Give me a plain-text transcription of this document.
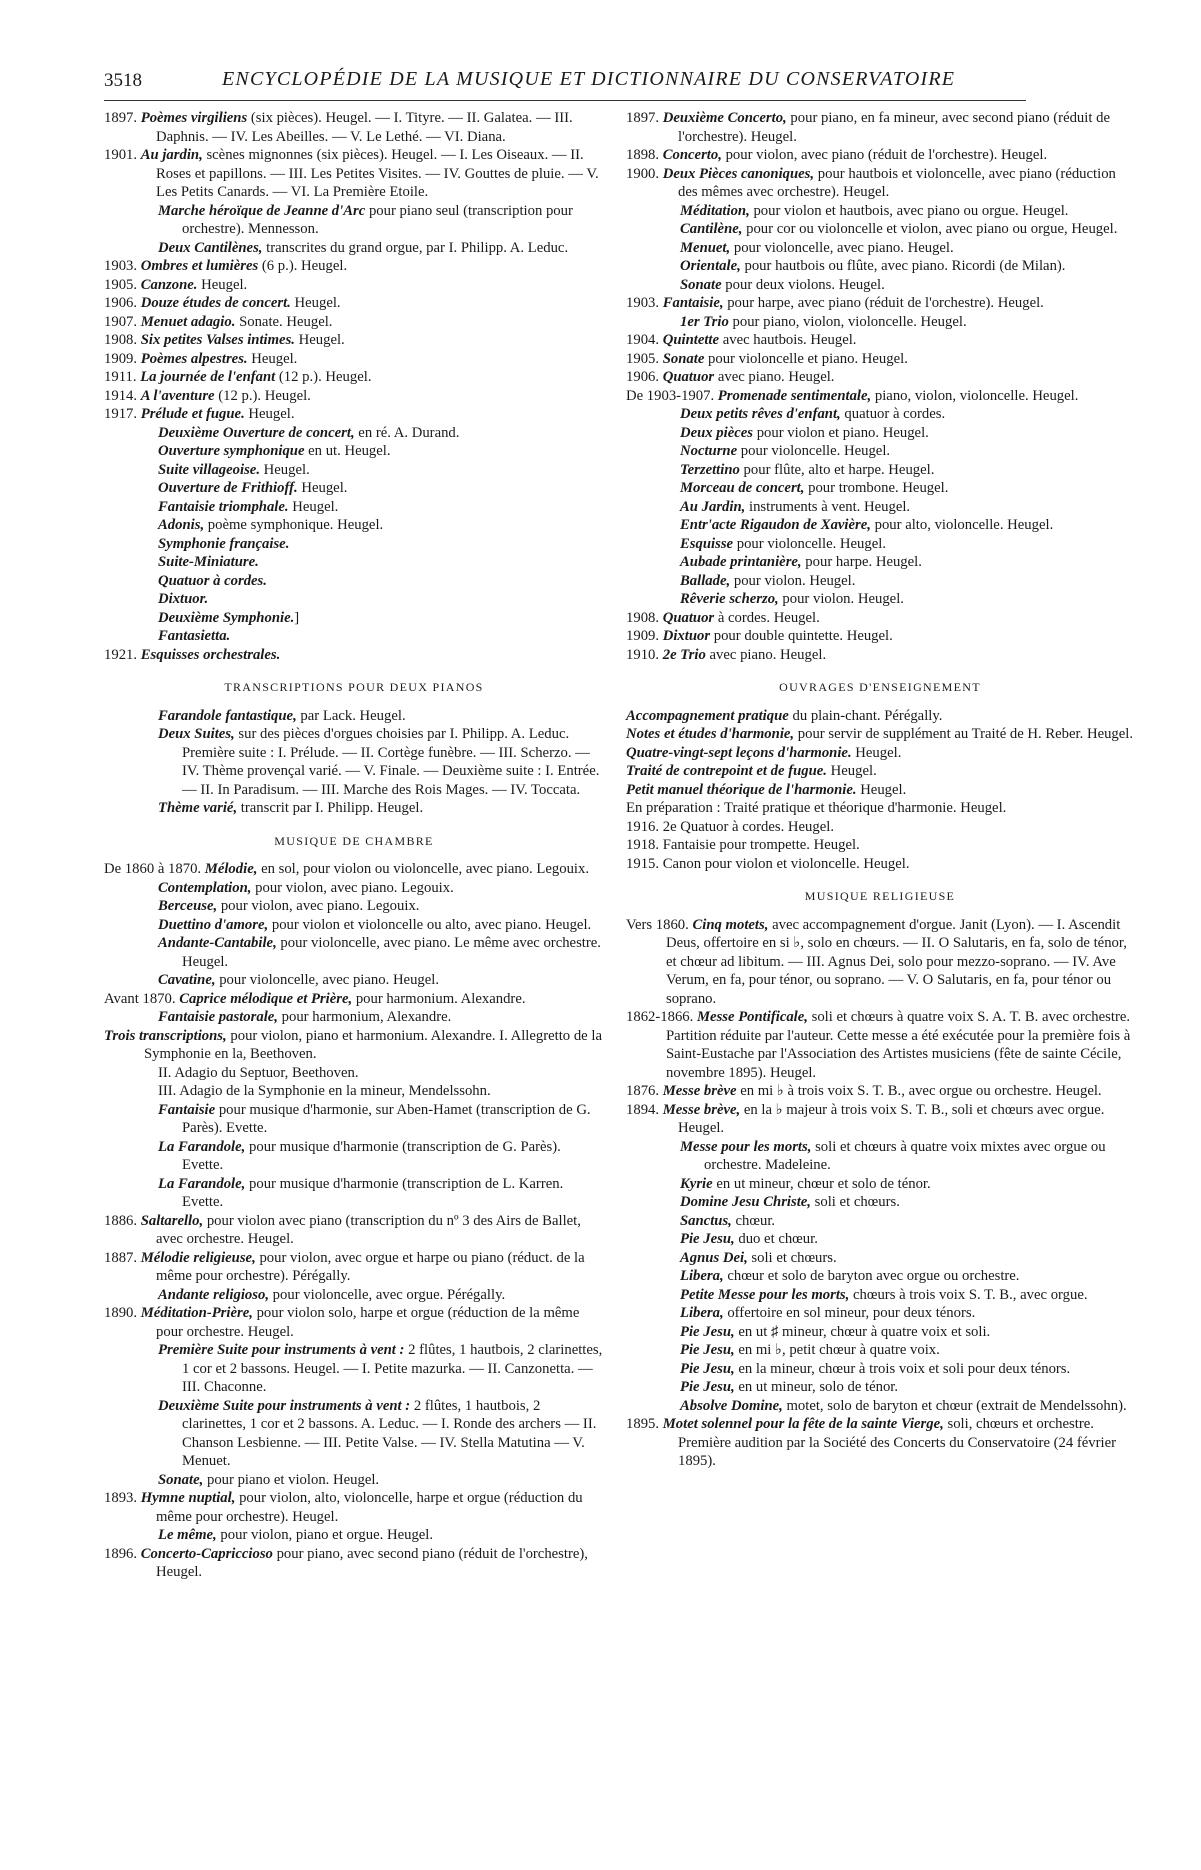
3518	ENCYCLOPÉDIE DE LA MUSIQUE ET DICTIONNAIRE DU CONSERVATOIRE

1897. Poèmes virgiliens (six pièces). Heugel. — I. Tityre. — II. Galatea. — III. Daphnis. — IV. Les Abeilles. — V. Le Lethé. — VI. Diana.

1901. Au jardin, scènes mignonnes (six pièces). Heugel. — I. Les Oiseaux. — II. Roses et papillons. — III. Les Petites Visites. — IV. Gouttes de pluie. — V. Les Petits Canards. — VI. La Première Etoile.

Marche héroïque de Jeanne d'Arc pour piano seul (transcription pour orchestre). Mennesson.

Deux Cantilènes, transcrites du grand orgue, par I. Philipp. A. Leduc.

1903. Ombres et lumières (6 p.). Heugel.

1905. Canzone. Heugel.

1906. Douze études de concert. Heugel.

1907. Menuet adagio. Sonate. Heugel.

1908. Six petites Valses intimes. Heugel.

1909. Poèmes alpestres. Heugel.

1911. La journée de l'enfant (12 p.). Heugel.

1914. A l'aventure (12 p.). Heugel.

1917. Prélude et fugue. Heugel.

Deuxième Ouverture de concert, en ré. A. Durand.

Ouverture symphonique en ut. Heugel.

Suite villageoise. Heugel.

Ouverture de Frithioff. Heugel.

Fantaisie triomphale. Heugel.

Adonis, poème symphonique. Heugel.

Symphonie française.

Suite-Miniature.

Quatuor à cordes.

Dixtuor.

Deuxième Symphonie.]

Fantasietta.

1921. Esquisses orchestrales.

TRANSCRIPTIONS POUR DEUX PIANOS

Farandole fantastique, par Lack. Heugel.

Deux Suites, sur des pièces d'orgues choisies par I. Philipp. A. Leduc. Première suite : I. Prélude. — II. Cortège funèbre. — III. Scherzo. — IV. Thème provençal varié. — V. Finale. — Deuxième suite : I. Entrée. — II. In Paradisum. — III. Marche des Rois Mages. — IV. Toccata.

Thème varié, transcrit par I. Philipp. Heugel.

MUSIQUE DE CHAMBRE

De 1860 à 1870. Mélodie, en sol, pour violon ou violoncelle, avec piano. Legouix.

Contemplation, pour violon, avec piano. Legouix.

Berceuse, pour violon, avec piano. Legouix.

Duettino d'amore, pour violon et violoncelle ou alto, avec piano. Heugel.

Andante-Cantabile, pour violoncelle, avec piano. Le même avec orchestre. Heugel.

Cavatine, pour violoncelle, avec piano. Heugel.

Avant 1870. Caprice mélodique et Prière, pour harmonium. Alexandre.

Fantaisie pastorale, pour harmonium, Alexandre.

Trois transcriptions, pour violon, piano et harmonium. Alexandre. I. Allegretto de la Symphonie en la, Beethoven.

II. Adagio du Septuor, Beethoven.

III. Adagio de la Symphonie en la mineur, Mendelssohn.

Fantaisie pour musique d'harmonie, sur Aben-Hamet (transcription de G. Parès). Evette.

La Farandole, pour musique d'harmonie (transcription de G. Parès). Evette.

La Farandole, pour musique d'harmonie (transcription de L. Karren. Evette.

1886. Saltarello, pour violon avec piano (transcription du nº 3 des Airs de Ballet, avec orchestre. Heugel.

1887. Mélodie religieuse, pour violon, avec orgue et harpe ou piano (réduct. de la même pour orchestre). Pérégally.

Andante religioso, pour violoncelle, avec orgue. Pérégally.

1890. Méditation-Prière, pour violon solo, harpe et orgue (réduction de la même pour orchestre. Heugel.

Première Suite pour instruments à vent : 2 flûtes, 1 hautbois, 2 clarinettes, 1 cor et 2 bassons. Heugel. — I. Petite mazurka. — II. Canzonetta. — III. Chaconne.

Deuxième Suite pour instruments à vent : 2 flûtes, 1 hautbois, 2 clarinettes, 1 cor et 2 bassons. A. Leduc. — I. Ronde des archers — II. Chanson Lesbienne. — III. Petite Valse. — IV. Stella Matutina — V. Menuet.

Sonate, pour piano et violon. Heugel.

1893. Hymne nuptial, pour violon, alto, violoncelle, harpe et orgue (réduction du même pour orchestre). Heugel.

Le même, pour violon, piano et orgue. Heugel.

1896. Concerto-Capriccioso pour piano, avec second piano (réduit de l'orchestre), Heugel.

1897. Deuxième Concerto, pour piano, en fa mineur, avec second piano (réduit de l'orchestre). Heugel.

1898. Concerto, pour violon, avec piano (réduit de l'orchestre). Heugel.

1900. Deux Pièces canoniques, pour hautbois et violoncelle, avec piano (réduction des mêmes avec orchestre). Heugel.

Méditation, pour violon et hautbois, avec piano ou orgue. Heugel.

Cantilène, pour cor ou violoncelle et violon, avec piano ou orgue, Heugel.

Menuet, pour violoncelle, avec piano. Heugel.

Orientale, pour hautbois ou flûte, avec piano. Ricordi (de Milan).

Sonate pour deux violons. Heugel.

1903. Fantaisie, pour harpe, avec piano (réduit de l'orchestre). Heugel.

1er Trio pour piano, violon, violoncelle. Heugel.

1904. Quintette avec hautbois. Heugel.

1905. Sonate pour violoncelle et piano. Heugel.

1906. Quatuor avec piano. Heugel.

De 1903-1907. Promenade sentimentale, piano, violon, violoncelle. Heugel.

Deux petits rêves d'enfant, quatuor à cordes.

Deux pièces pour violon et piano. Heugel.

Nocturne pour violoncelle. Heugel.

Terzettino pour flûte, alto et harpe. Heugel.

Morceau de concert, pour trombone. Heugel.

Au Jardin, instruments à vent. Heugel.

Entr'acte Rigaudon de Xavière, pour alto, violoncelle. Heugel.

Esquisse pour violoncelle. Heugel.

Aubade printanière, pour harpe. Heugel.

Ballade, pour violon. Heugel.

Rêverie scherzo, pour violon. Heugel.

1908. Quatuor à cordes. Heugel.

1909. Dixtuor pour double quintette. Heugel.

1910. 2e Trio avec piano. Heugel.

OUVRAGES D'ENSEIGNEMENT

Accompagnement pratique du plain-chant. Pérégally.

Notes et études d'harmonie, pour servir de supplément au Traité de H. Reber. Heugel.

Quatre-vingt-sept leçons d'harmonie. Heugel.

Traité de contrepoint et de fugue. Heugel.

Petit manuel théorique de l'harmonie. Heugel.

En préparation : Traité pratique et théorique d'harmonie. Heugel.

1916. 2e Quatuor à cordes. Heugel.

1918. Fantaisie pour trompette. Heugel.

1915. Canon pour violon et violoncelle. Heugel.

MUSIQUE RELIGIEUSE

Vers 1860. Cinq motets, avec accompagnement d'orgue. Janit (Lyon). — I. Ascendit Deus, offertoire en si ♭, solo en chœurs. — II. O Salutaris, en fa, solo de ténor, et chœur ad libitum. — III. Agnus Dei, solo pour mezzo-soprano. — IV. Ave Verum, en fa, pour ténor, ou soprano. — V. O Salutaris, en fa, pour ténor ou soprano.

1862-1866. Messe Pontificale, soli et chœurs à quatre voix S. A. T. B. avec orchestre. Partition réduite par l'auteur. Cette messe a été exécutée pour la première fois à Saint-Eustache par l'Association des Artistes musiciens (fête de sainte Cécile, novembre 1895). Heugel.

1876. Messe brève en mi ♭ à trois voix S. T. B., avec orgue ou orchestre. Heugel.

1894. Messe brève, en la ♭ majeur à trois voix S. T. B., soli et chœurs avec orgue. Heugel.

Messe pour les morts, soli et chœurs à quatre voix mixtes avec orgue ou orchestre. Madeleine.

Kyrie en ut mineur, chœur et solo de ténor.

Domine Jesu Christe, soli et chœurs.

Sanctus, chœur.

Pie Jesu, duo et chœur.

Agnus Dei, soli et chœurs.

Libera, chœur et solo de baryton avec orgue ou orchestre.

Petite Messe pour les morts, chœurs à trois voix S. T. B., avec orgue.

Libera, offertoire en sol mineur, pour deux ténors.

Pie Jesu, en ut ♯ mineur, chœur à quatre voix et soli.

Pie Jesu, en mi ♭, petit chœur à quatre voix.

Pie Jesu, en la mineur, chœur à trois voix et soli pour deux ténors.

Pie Jesu, en ut mineur, solo de ténor.

Absolve Domine, motet, solo de baryton et chœur (extrait de Mendelssohn).

1895. Motet solennel pour la fête de la sainte Vierge, soli, chœurs et orchestre. Première audition par la Société des Concerts du Conservatoire (24 février 1895).
